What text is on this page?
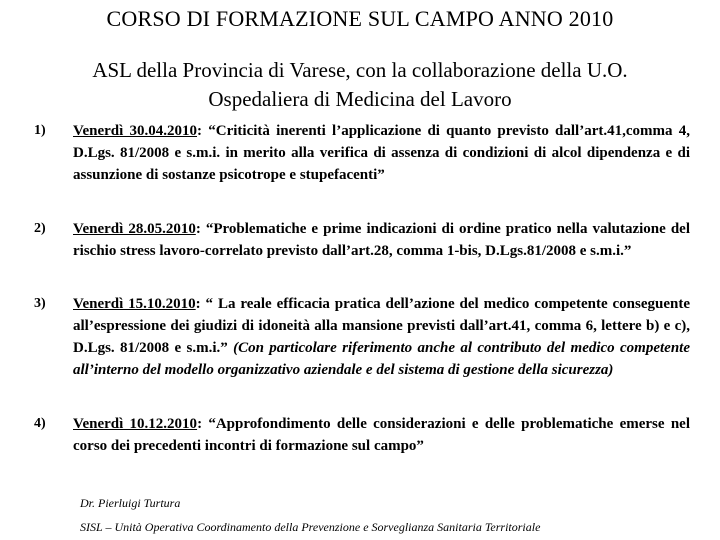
CORSO DI FORMAZIONE SUL CAMPO ANNO 2010
ASL della Provincia di Varese, con la collaborazione della U.O. Ospedaliera di Medicina del Lavoro
1) Venerdì 30.04.2010: “Criticità inerenti l’applicazione di quanto previsto dall’art.41,comma 4, D.Lgs. 81/2008 e s.m.i. in merito alla verifica di assenza di condizioni di alcol dipendenza e di assunzione di sostanze psicotrope e stupefacenti”
2) Venerdì 28.05.2010: “Problematiche e prime indicazioni di ordine pratico nella valutazione del rischio stress lavoro-correlato previsto dall’art.28, comma 1-bis, D.Lgs.81/2008 e s.m.i.”
3) Venerdì 15.10.2010: “ La reale efficacia pratica dell’azione del medico competente conseguente all’espressione dei giudizi di idoneità alla mansione previsti dall’art.41, comma 6, lettere b) e c), D.Lgs. 81/2008 e s.m.i.” (Con particolare riferimento anche al contributo del medico competente all’interno del modello organizzativo aziendale e del sistema di gestione della sicurezza)
4) Venerdì 10.12.2010: “Approfondimento delle considerazioni e delle problematiche emerse nel corso dei precedenti incontri di formazione sul campo”
Dr. Pierluigi Turtura
SISL – Unità Operativa Coordinamento della Prevenzione e Sorveglianza Sanitaria Territoriale
